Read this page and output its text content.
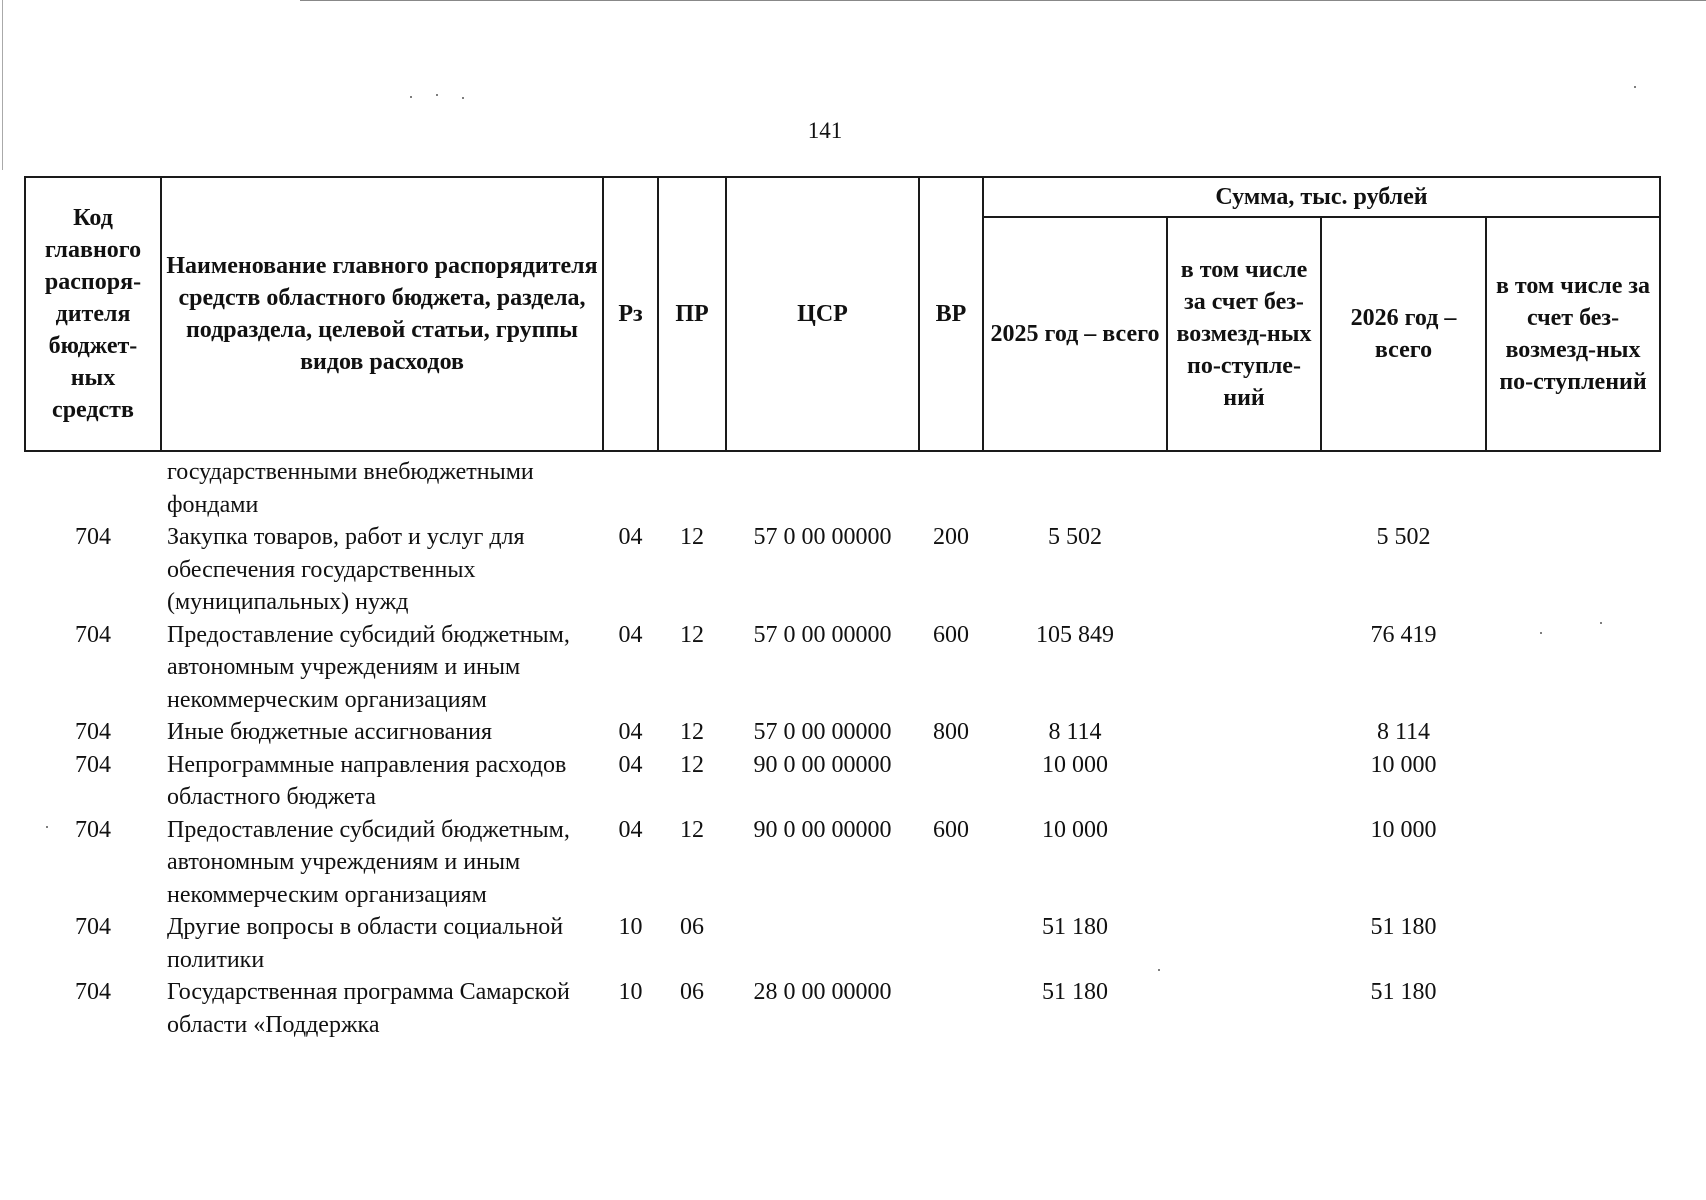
141
Код главного распоря-дителя бюджет-ных средств	Наименование главного распорядителя средств областного бюджета, раздела, подраздела, целевой статьи, группы видов расходов	Рз	ПР	ЦСР	ВР	Сумма, тыс. рублей			
						2025 год – всего	в том числе за счет без-возмезд-ных по-ступле-ний	2026 год – всего	в том числе за счет без-возмезд-ных по-ступлений
	государственными внебюджетными фондами								
704	Закупка товаров, работ и услуг для обеспечения государственных (муниципальных) нужд	04	12	57 0 00 00000	200	5 502		5 502	
704	Предоставление субсидий бюджетным, автономным учреждениям и иным некоммерческим организациям	04	12	57 0 00 00000	600	105 849		76 419	
704	Иные бюджетные ассигнования	04	12	57 0 00 00000	800	8 114		8 114	
704	Непрограммные направления расходов областного бюджета	04	12	90 0 00 00000		10 000		10 000	
704	Предоставление субсидий бюджетным, автономным учреждениям и иным некоммерческим организациям	04	12	90 0 00 00000	600	10 000		10 000	
704	Другие вопросы в области социальной политики	10	06			51 180		51 180	
704	Государственная программа Самарской области «Поддержка	10	06	28 0 00 00000		51 180		51 180	
